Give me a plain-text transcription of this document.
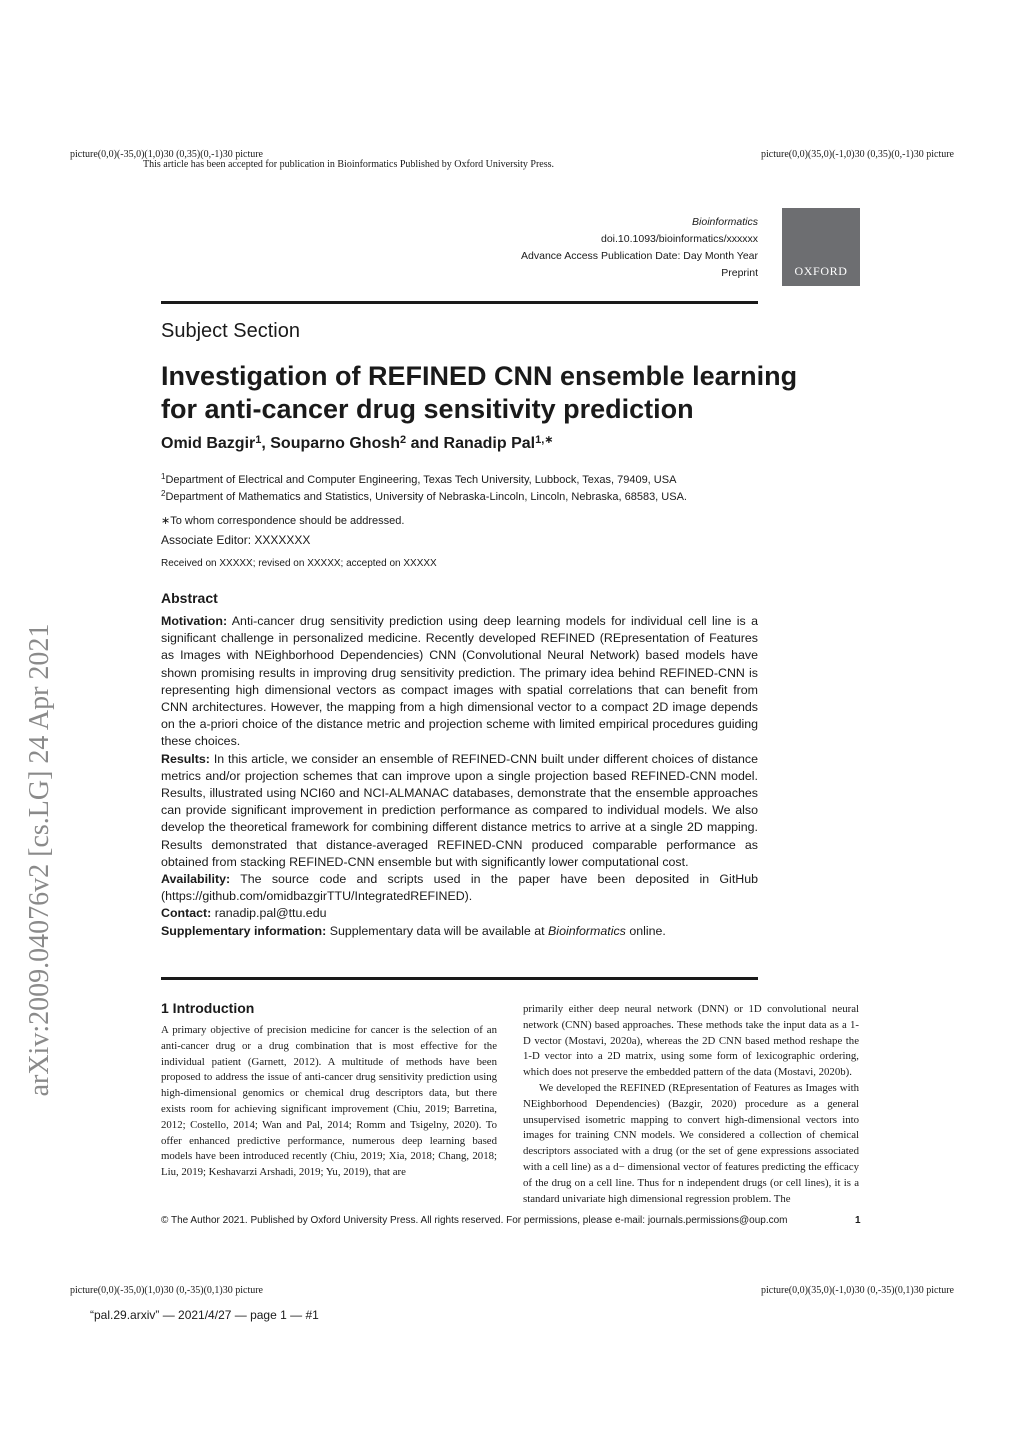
picture(0,0)(-35,0)(1,0)30 (0,35)(0,-1)30 picture	picture(0,0)(35,0)(-1,0)30 (0,35)(0,-1)30 picture
This article has been accepted for publication in Bioinformatics Published by Oxford University Press.
Bioinformatics
doi.10.1093/bioinformatics/xxxxxx
Advance Access Publication Date: Day Month Year
Preprint	OXFORD
Subject Section
Investigation of REFINED CNN ensemble learning
for anti-cancer drug sensitivity prediction
Omid Bazgir$^1$, Souparno Ghosh$^2$ and Ranadip Pal$^{1,∗}$
$^1$Department of Electrical and Computer Engineering, Texas Tech University, Lubbock, Texas, 79409, USA
$^2$Department of Mathematics and Statistics, University of Nebraska-Lincoln, Lincoln, Nebraska, 68583, USA.
∗To whom correspondence should be addressed.
Associate Editor: XXXXXXX
Received on XXXXX; revised on XXXXX; accepted on XXXXX
Abstract

Motivation: Anti-cancer drug sensitivity prediction using deep learning models for individual cell line is a significant challenge in personalized medicine. Recently developed REFINED (REpresentation of Features as Images with NEighborhood Dependencies) CNN (Convolutional Neural Network) based models have shown promising results in improving drug sensitivity prediction. The primary idea behind REFINED-CNN is representing high dimensional vectors as compact images with spatial correlations that can benefit from CNN architectures. However, the mapping from a high dimensional vector to a compact 2D image depends on the a-priori choice of the distance metric and projection scheme with limited empirical procedures guiding these choices.

Results: In this article, we consider an ensemble of REFINED-CNN built under different choices of distance metrics and/or projection schemes that can improve upon a single projection based REFINED-CNN model. Results, illustrated using NCI60 and NCI-ALMANAC databases, demonstrate that the ensemble approaches can provide significant improvement in prediction performance as compared to individual models. We also develop the theoretical framework for combining different distance metrics to arrive at a single 2D mapping. Results demonstrated that distance-averaged REFINED-CNN produced comparable performance as obtained from stacking REFINED-CNN ensemble but with significantly lower computational cost.

Availability: The source code and scripts used in the paper have been deposited in GitHub (https://github.com/omidbazgirTTU/IntegratedREFINED).

Contact: ranadip.pal@ttu.edu

Supplementary information: Supplementary data will be available at Bioinformatics online.

1 Introduction

A primary objective of precision medicine for cancer is the selection of an anti-cancer drug or a drug combination that is most effective for the individual patient (Garnett, 2012). A multitude of methods have been proposed to address the issue of anti-cancer drug sensitivity prediction using high-dimensional genomics or chemical drug descriptors data, but there exists room for achieving significant improvement (Chiu, 2019; Barretina, 2012; Costello, 2014; Wan and Pal, 2014; Romm and Tsigelny, 2020). To offer enhanced predictive performance, numerous deep learning based models have been introduced recently (Chiu, 2019; Xia, 2018; Chang, 2018; Liu, 2019; Keshavarzi Arshadi, 2019; Yu, 2019), that are

primarily either deep neural network (DNN) or 1D convolutional neural network (CNN) based approaches. These methods take the input data as a 1-D vector (Mostavi, 2020a), whereas the 2D CNN based method reshape the 1-D vector into a 2D matrix, using some form of lexicographic ordering, which does not preserve the embedded pattern of the data (Mostavi, 2020b).

We developed the REFINED (REpresentation of Features as Images with NEighborhood Dependencies) (Bazgir, 2020) procedure as a general unsupervised isometric mapping to convert high-dimensional vectors into images for training CNN models. We considered a collection of chemical descriptors associated with a drug (or the set of gene expressions associated with a cell line) as a d− dimensional vector of features predicting the efficacy of the drug on a cell line. Thus for n independent drugs (or cell lines), it is a standard univariate high dimensional regression problem. The

© The Author 2021. Published by Oxford University Press. All rights reserved. For permissions, please e-mail: journals.permissions@oup.com	1
picture(0,0)(-35,0)(1,0)30 (0,-35)(0,1)30 picture	picture(0,0)(35,0)(-1,0)30 (0,-35)(0,1)30 picture
“pal.29.arxiv” — 2021/4/27 — page 1 — #1
arXiv:2009.04076v2 [cs.LG] 24 Apr 2021
